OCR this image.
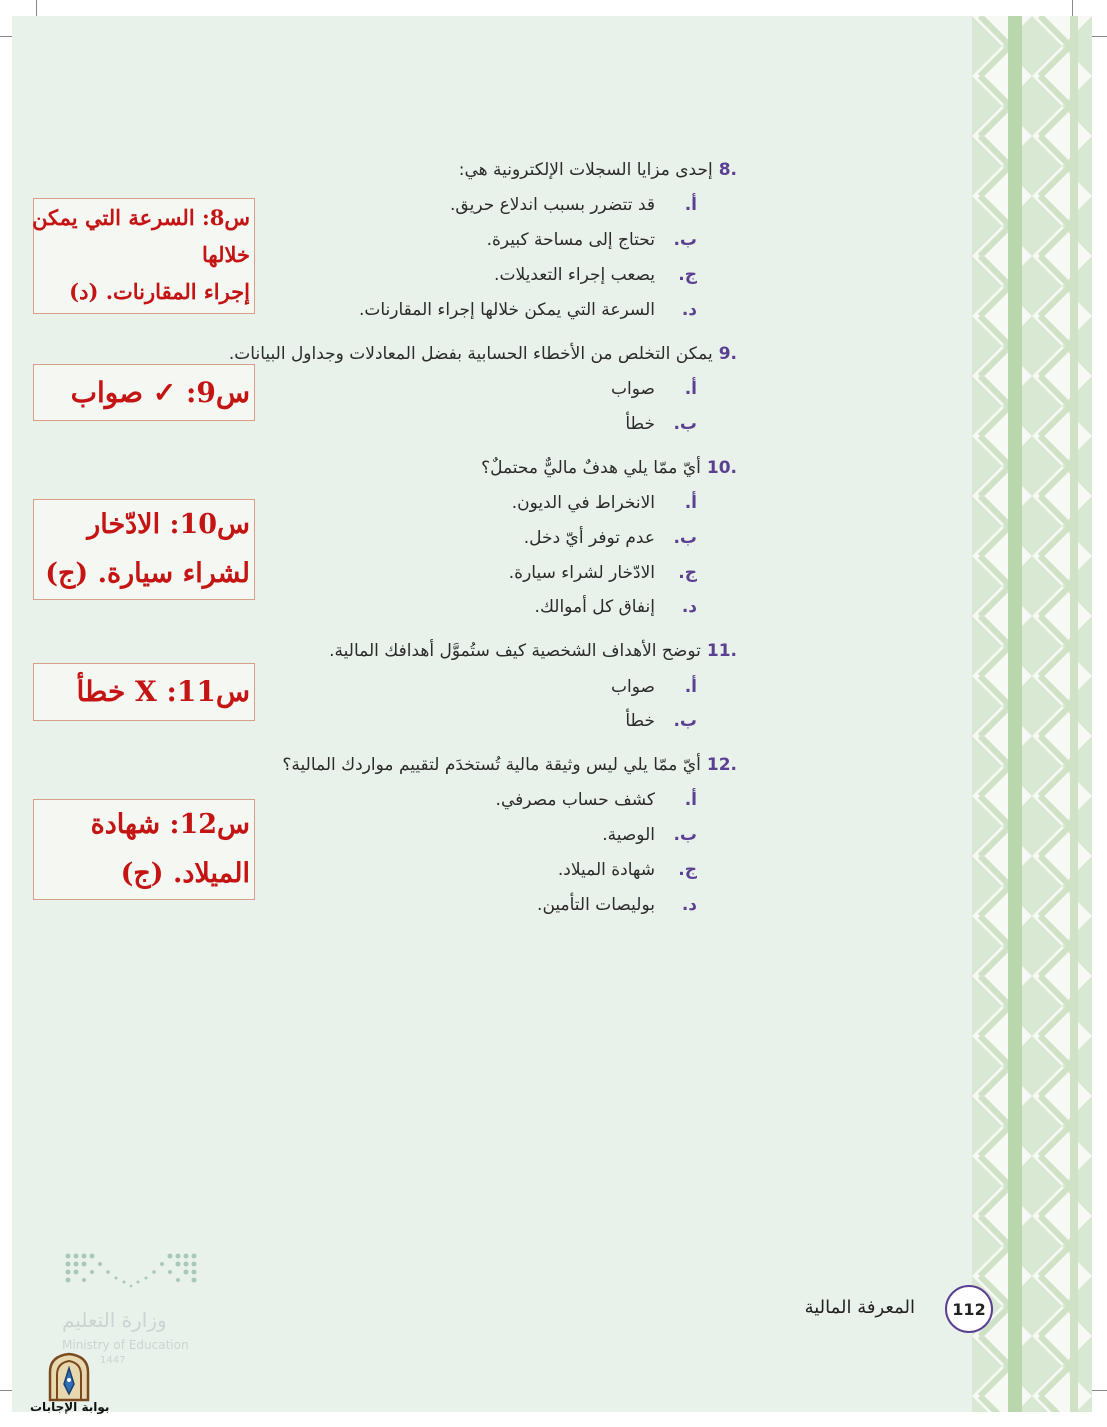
.8إحدى مزايا السجلات الإلكترونية هي:
أ.قد تتضرر بسبب اندلاع حريق.
ب.تحتاج إلى مساحة كبيرة.
ج.يصعب إجراء التعديلات.
د.السرعة التي يمكن خلالها إجراء المقارنات.
.9يمكن التخلص من الأخطاء الحسابية بفضل المعادلات وجداول البيانات.
أ.صواب
ب.خطأ
.10أيّ ممّا يلي هدفٌ ماليٌّ محتملٌ؟
أ.الانخراط في الديون.
ب.عدم توفر أيّ دخل.
ج.الادّخار لشراء سيارة.
د.إنفاق كل أموالك.
.11توضح الأهداف الشخصية كيف ستُموَّل أهدافك المالية.
أ.صواب
ب.خطأ
.12أيّ ممّا يلي ليس وثيقة مالية تُستخدَم لتقييم مواردك المالية؟
أ.كشف حساب مصرفي.
ب.الوصية.
ج.شهادة الميلاد.
د.بوليصات التأمين.
س8: السرعة التي يمكن
خلالها
إجراء المقارنات. (د)
س9: ✓ صواب
س10: الادّخار
لشراء سيارة. (ج)
س11: X خطأ
س12: شهادة
الميلاد. (ج)
وزارة التعليم
Ministry of Education
1447
بوابة الإجابات
المعرفة المالية	112
